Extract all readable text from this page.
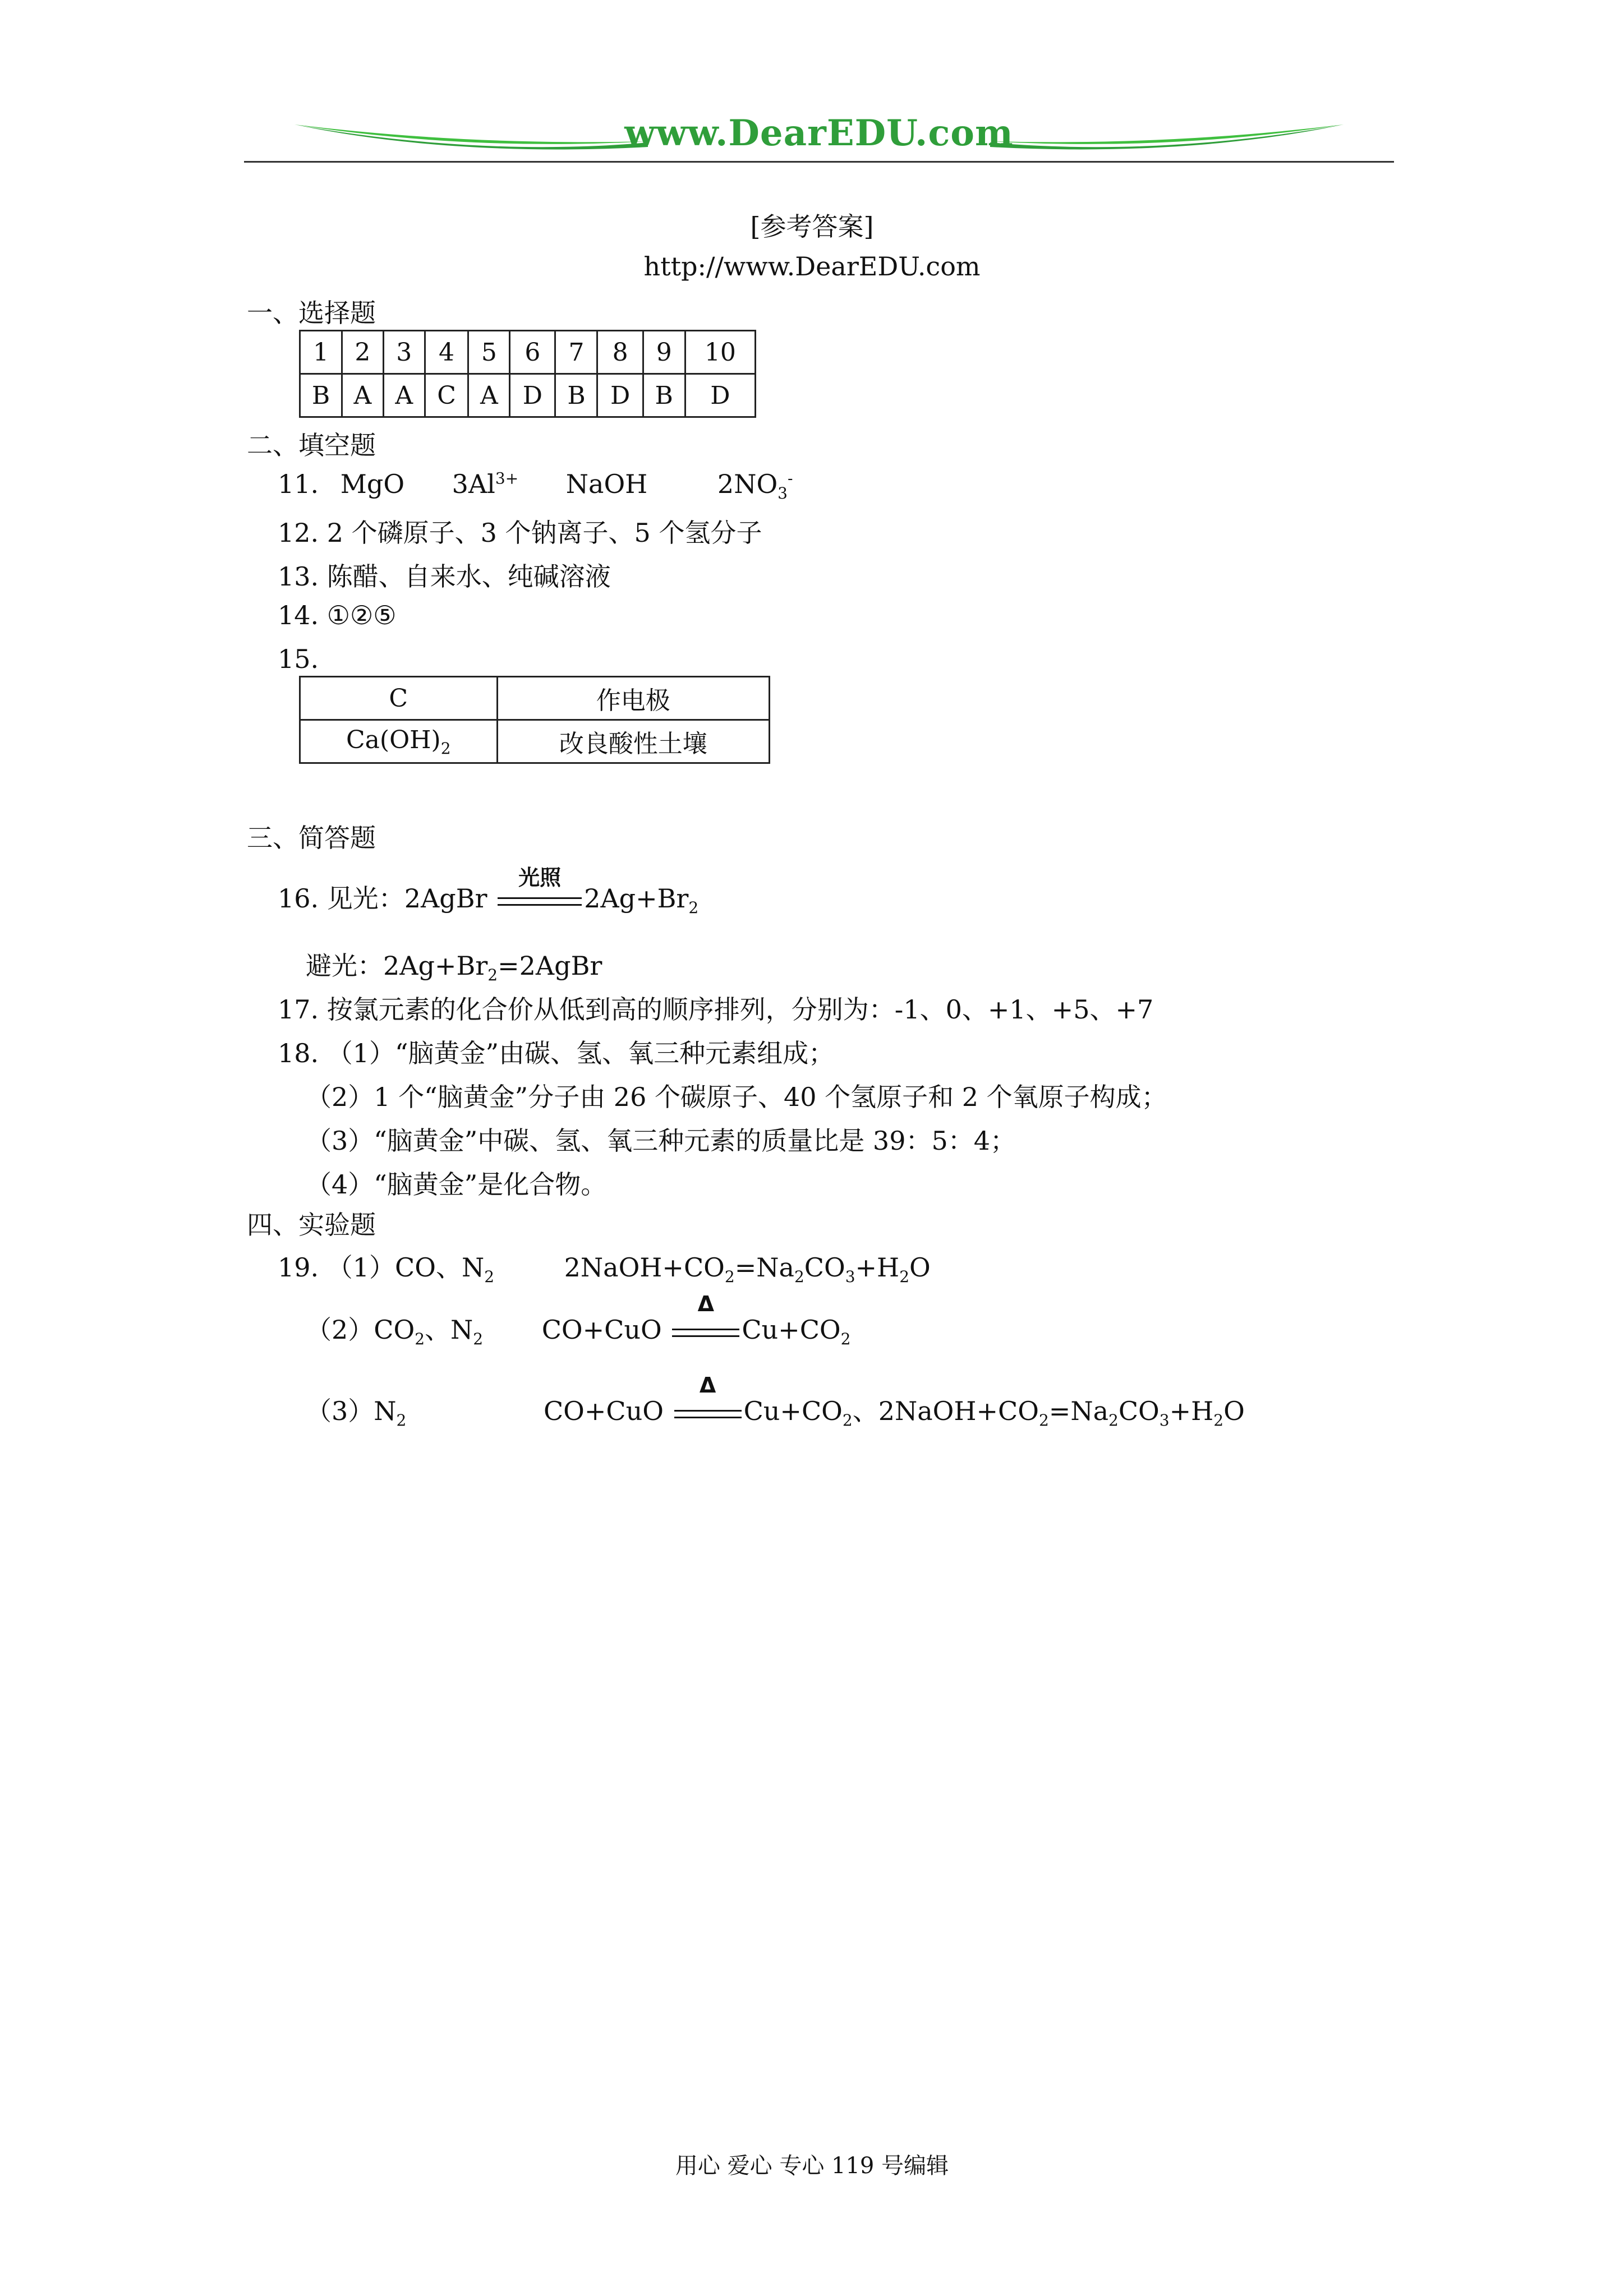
www.DearEDU.com
[参考答案]
http://www.DearEDU.com
一、选择题
1	2	3	4	5	6	7	8	9	10
B	A	A	C	A	D	B	D	B	D
二、填空题
11. MgO $3Al^{3+}$ NaOH	$2NO_3^-$
12. 2 个磷原子、3 个钠离子、5 个氢分子
13. 陈醋、自来水、纯碱溶液
14. ①②⑤
15.
C	作电极
$Ca(OH)_2$	改良酸性土壤
三、简答题
16. 见光：2AgBr
光照
$2Ag+Br_2$
避光：$2Ag+Br_2=2AgBr$
17. 按氯元素的化合价从低到高的顺序排列，分别为：-1、0、+1、+5、+7
18. （1）“脑黄金”由碳、氢、氧三种元素组成；
（2）1 个“脑黄金”分子由 26 个碳原子、40 个氢原子和 2 个氧原子构成；
（3）“脑黄金”中碳、氢、氧三种元素的质量比是 39：5：4；
（4）“脑黄金”是化合物。
四、实验题
19. （1）CO、$N_2$	$2NaOH+CO_2=Na_2CO_3+H_2O$
$(2)CO_2$、$N_2$ CO+CuO
Δ
$Cu+CO_2$
$(3)N_2$	CO+CuO
Δ
$Cu+CO_2$、$2NaOH+CO_2=Na_2CO_3+H_2O$
用心 爱心 专心 119 号编辑
